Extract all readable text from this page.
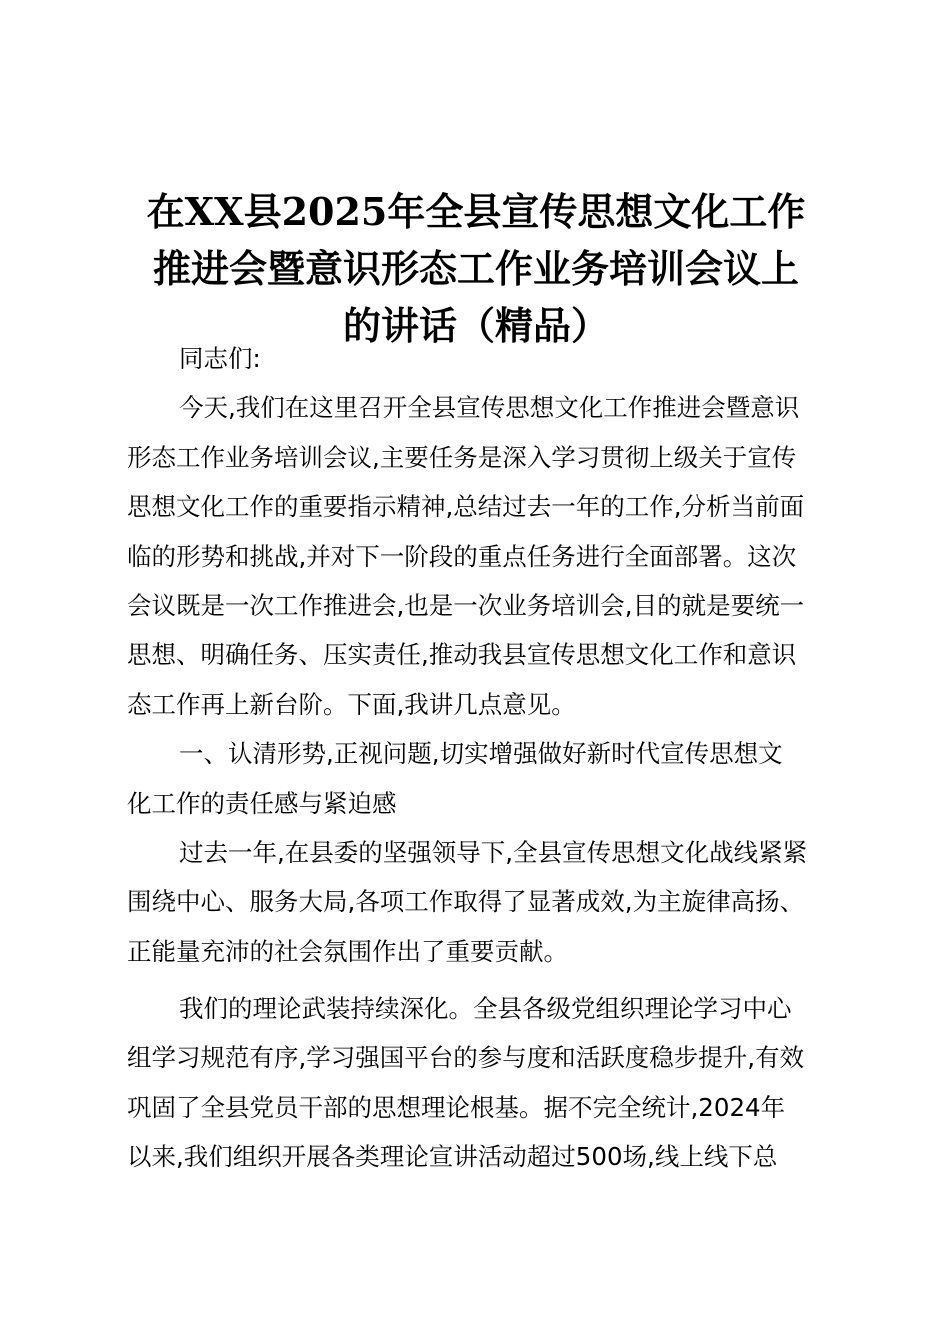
在XX县2025年全县宣传思想文化工作
推进会暨意识形态工作业务培训会议上
的讲话（精品）
同志们:
今天,我们在这里召开全县宣传思想文化工作推进会暨意识
形态工作业务培训会议,主要任务是深入学习贯彻上级关于宣传
思想文化工作的重要指示精神,总结过去一年的工作,分析当前面
临的形势和挑战,并对下一阶段的重点任务进行全面部署。这次
会议既是一次工作推进会,也是一次业务培训会,目的就是要统一
思想、明确任务、压实责任,推动我县宣传思想文化工作和意识
态工作再上新台阶。下面,我讲几点意见。
一、认清形势,正视问题,切实增强做好新时代宣传思想文
化工作的责任感与紧迫感
过去一年,在县委的坚强领导下,全县宣传思想文化战线紧紧
围绕中心、服务大局,各项工作取得了显著成效,为主旋律高扬、
正能量充沛的社会氛围作出了重要贡献。
我们的理论武装持续深化。全县各级党组织理论学习中心
组学习规范有序,学习强国平台的参与度和活跃度稳步提升,有效
巩固了全县党员干部的思想理论根基。据不完全统计,2024年
以来,我们组织开展各类理论宣讲活动超过500场,线上线下总
